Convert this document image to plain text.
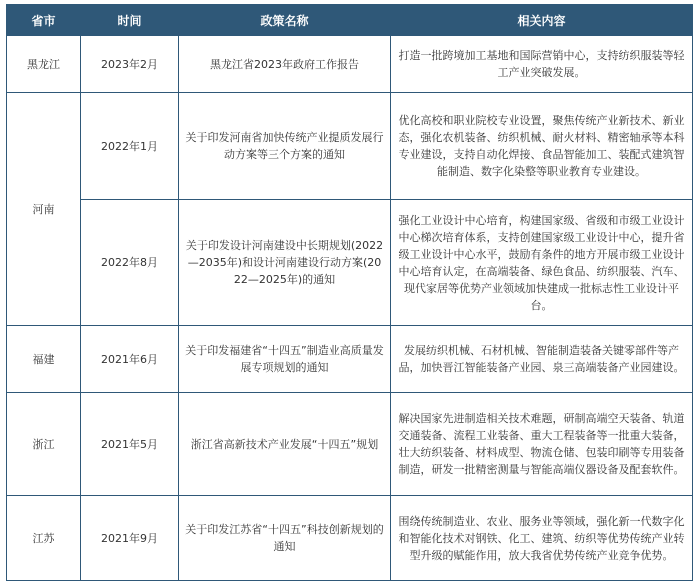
省市	时间	政策名称	相关内容
黑龙江	2023年2月	黑龙江省2023年政府工作报告	打造一批跨境加工基地和国际营销中心，支持纺织服装等轻工产业突破发展。
河南	2022年1月	关于印发河南省加快传统产业提质发展行动方案等三个方案的通知	优化高校和职业院校专业设置，聚焦传统产业新技术、新业态，强化农机装备、纺织机械、耐火材料、精密轴承等本科专业建设，支持自动化焊接、食品智能加工、装配式建筑智能制造、数字化染整等职业教育专业建设。
	2022年8月	关于印发设计河南建设中长期规划(2022—2035年)和设计河南建设行动方案(2022—2025年)的通知	强化工业设计中心培育，构建国家级、省级和市级工业设计中心梯次培育体系，支持创建国家级工业设计中心，提升省级工业设计中心水平，鼓励有条件的地方开展市级工业设计中心培育认定，在高端装备、绿色食品、纺织服装、汽车、现代家居等优势产业领域加快建成一批标志性工业设计平台。
福建	2021年6月	关于印发福建省“十四五”制造业高质量发展专项规划的通知	发展纺织机械、石材机械、智能制造装备关键零部件等产品，加快晋江智能装备产业园、泉三高端装备产业园建设。
浙江	2021年5月	浙江省高新技术产业发展“十四五”规划	解决国家先进制造相关技术难题，研制高端空天装备、轨道交通装备、流程工业装备、重大工程装备等一批重大装备，壮大纺织装备、材料成型、物流仓储、包装印刷等专用装备制造，研发一批精密测量与智能高端仪器设备及配套软件。
江苏	2021年9月	关于印发江苏省“十四五”科技创新规划的通知	围绕传统制造业、农业、服务业等领域，强化新一代数字化和智能化技术对钢铁、化工、建筑、纺织等优势传统产业转型升级的赋能作用，放大我省优势传统产业竞争优势。
